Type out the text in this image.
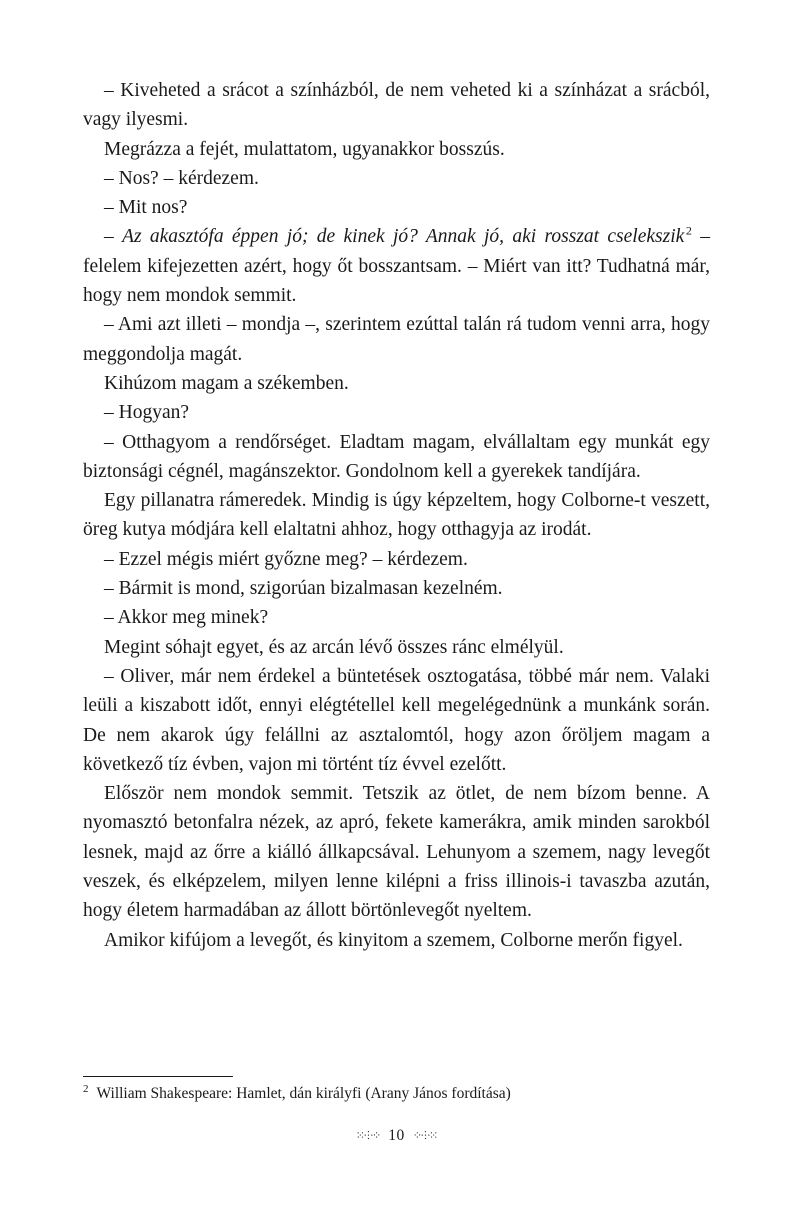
– Kiveheted a srácot a színházból, de nem veheted ki a színházat a srácból, vagy ilyesmi.

Megrázza a fejét, mulattatom, ugyanakkor bosszús.

– Nos? – kérdezem.

– Mit nos?

– Az akasztófa éppen jó; de kinek jó? Annak jó, aki rosszat cselekszik  $^2$ – felelem kifejezetten azért, hogy őt bosszantsam. – Miért van itt? Tudhatná már, hogy nem mondok semmit.

– Ami azt illeti – mondja –, szerintem ezúttal talán rá tudom venni arra, hogy meggondolja magát.

Kihúzom magam a székemben.

– Hogyan?

– Otthagyom a rendőrséget. Eladtam magam, elvállaltam egy munkát egy biztonsági cégnél, magánszektor. Gondolnom kell a gyerekek tandíjára.

Egy pillanatra rámeredek. Mindig is úgy képzeltem, hogy Colborne-t veszett, öreg kutya módjára kell elaltatni ahhoz, hogy otthagyja az irodát.

– Ezzel mégis miért győzne meg? – kérdezem.

– Bármit is mond, szigorúan bizalmasan kezelném.

– Akkor meg minek?

Megint sóhajt egyet, és az arcán lévő összes ránc elmélyül.

– Oliver, már nem érdekel a büntetések osztogatása, többé már nem. Valaki leüli a kiszabott időt, ennyi elégtétellel kell megelégednünk a munkánk során. De nem akarok úgy felállni az asztalomtól, hogy azon őröljem magam a következő tíz évben, vajon mi történt tíz évvel ezelőtt.

Először nem mondok semmit. Tetszik az ötlet, de nem bízom benne. A nyomasztó betonfalra nézek, az apró, fekete kamerákra, amik minden sarokból lesnek, majd az őrre a kiálló állkapcsával. Lehunyom a szemem, nagy levegőt veszek, és elképzelem, milyen lenne kilépni a friss illinois-i tavaszba azután, hogy életem harmadában az állott börtönlevegőt nyeltem.

Amikor kifújom a levegőt, és kinyitom a szemem, Colborne merőn figyel.

$^2$ William Shakespeare: Hamlet, dán királyfi (Arany János fordítása)
⁙⸭⁘ 10 ⁘⸭⁙
